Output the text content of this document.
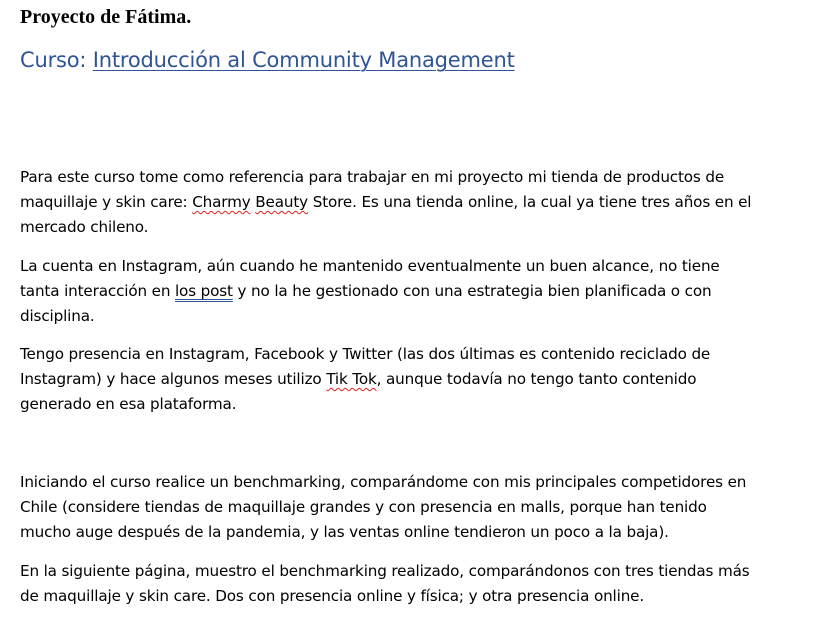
Proyecto de Fátima.
Curso: Introducción al Community Management

Para este curso tome como referencia para trabajar en mi proyecto mi tienda de productos de maquillaje y skin care: Charmy Beauty Store. Es una tienda online, la cual ya tiene tres años en el mercado chileno.

La cuenta en Instagram, aún cuando he mantenido eventualmente un buen alcance, no tiene tanta interacción en los post y no la he gestionado con una estrategia bien planificada o con disciplina.

Tengo presencia en Instagram, Facebook y Twitter (las dos últimas es contenido reciclado de Instagram) y hace algunos meses utilizo Tik Tok, aunque todavía no tengo tanto contenido generado en esa plataforma.

Iniciando el curso realice un benchmarking, comparándome con mis principales competidores en Chile (considere tiendas de maquillaje grandes y con presencia en malls, porque han tenido mucho auge después de la pandemia, y las ventas online tendieron un poco a la baja).

En la siguiente página, muestro el benchmarking realizado, comparándonos con tres tiendas más de maquillaje y skin care. Dos con presencia online y física; y otra presencia online.
